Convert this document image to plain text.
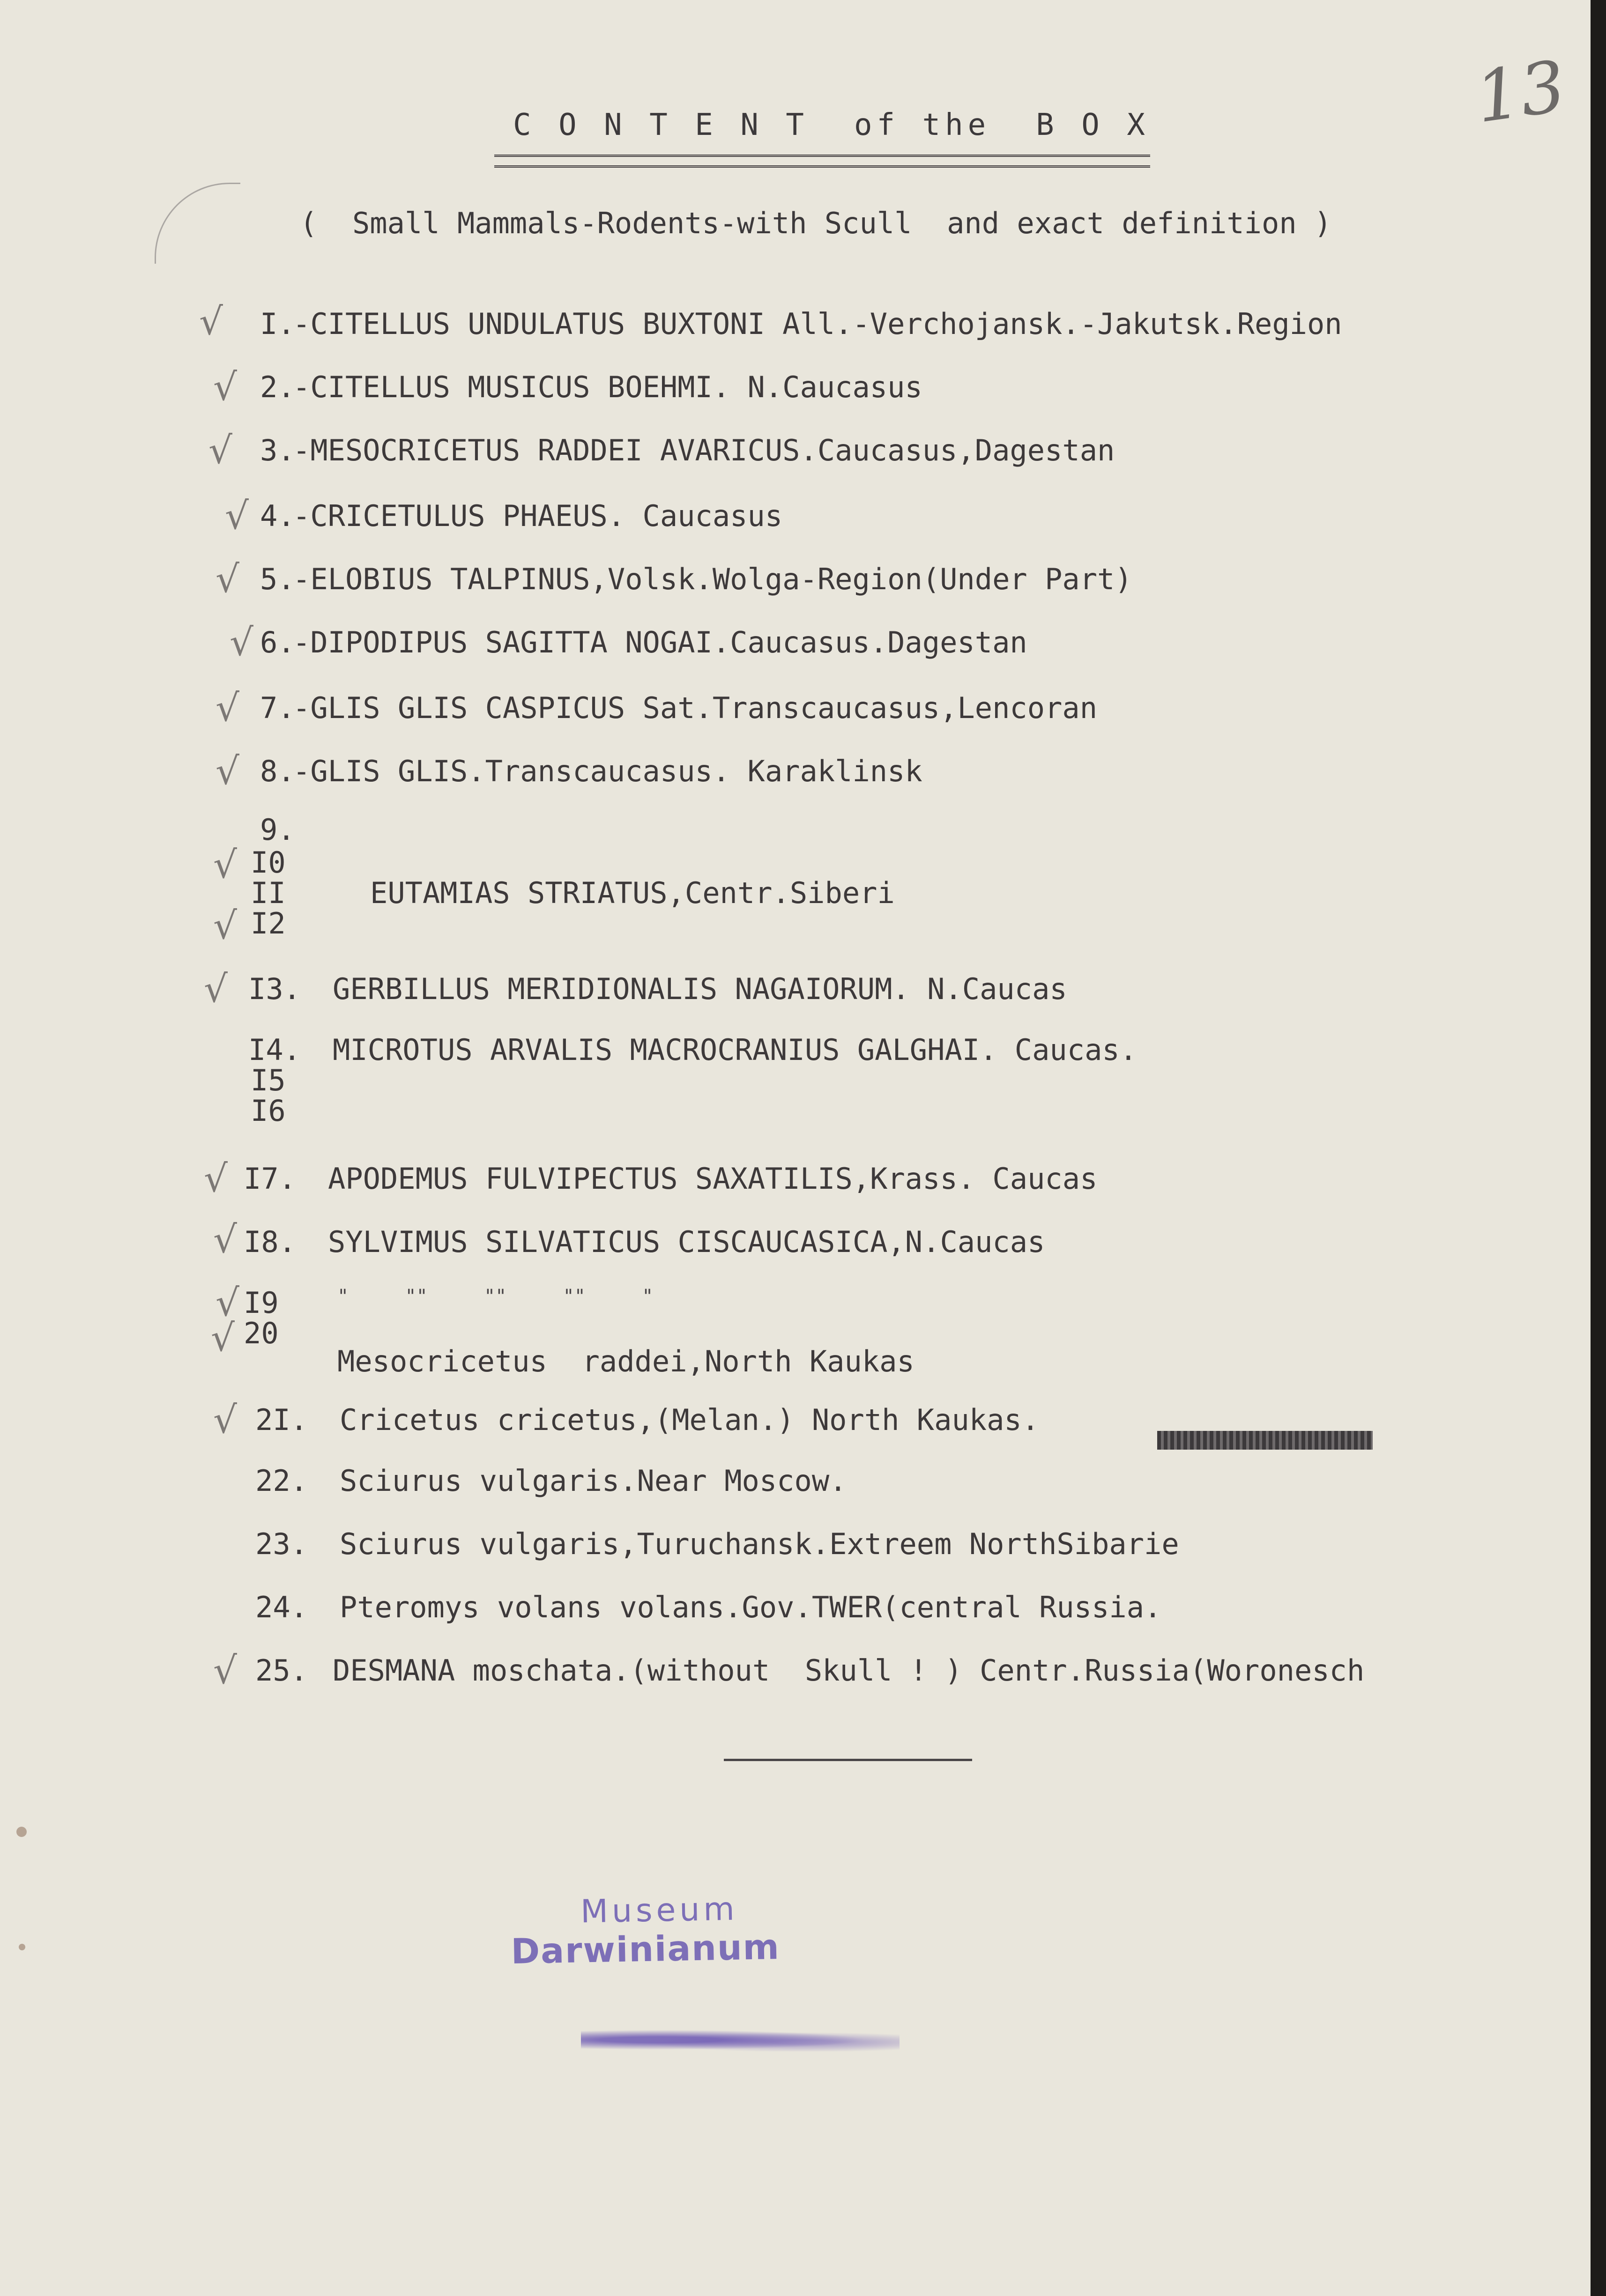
13
C O N T E N T  of the  B O X
(  Small Mammals-Rodents-with Scull  and exact definition )

I.

-CITELLUS UNDULATUS BUXTONI All.-Verchojansk.-Jakutsk.Region

2.

-CITELLUS MUSICUS BOEHMI. N.Caucasus

3.

-MESOCRICETUS RADDEI AVARICUS.Caucasus,Dagestan

4.

-CRICETULUS PHAEUS. Caucasus

5.

-ELOBIUS TALPINUS,Volsk.Wolga-Region(Under Part)

6.

-DIPODIPUS SAGITTA NOGAI.Caucasus.Dagestan

7.

-GLIS GLIS CASPICUS Sat.Transcaucasus,Lencoran

8.

-GLIS GLIS.Transcaucasus. Karaklinsk

9.

I0

II

	EUTAMIAS STRIATUS,Centr.Siberi

I2

I3.

GERBILLUS MERIDIONALIS NAGAIORUM. N.Caucas

I4.

MICROTUS ARVALIS MACROCRANIUS GALGHAI. Caucas.

I5

I6

I7.

APODEMUS FULVIPECTUS SAXATILIS,Krass. Caucas

I8.

SYLVIMUS SILVATICUS CISCAUCASICA,N.Caucas

I9

20

"     ""     ""     ""     "

Mesocricetus  raddei,North Kaukas

2I.

Cricetus cricetus,(Melan.) North Kaukas.

22.

Sciurus vulgaris.Near Moscow.

23.

Sciurus vulgaris,Turuchansk.Extreem NorthSibarie

24.

Pteromys volans volans.Gov.TWER(central Russia.

25.

DESMANA moschata.(without  Skull ! ) Centr.Russia(Woronesch

√
√
√
√
√
√
√
√
√
√
√
√
√
√
√
√
√
Museum
Darwinianum
